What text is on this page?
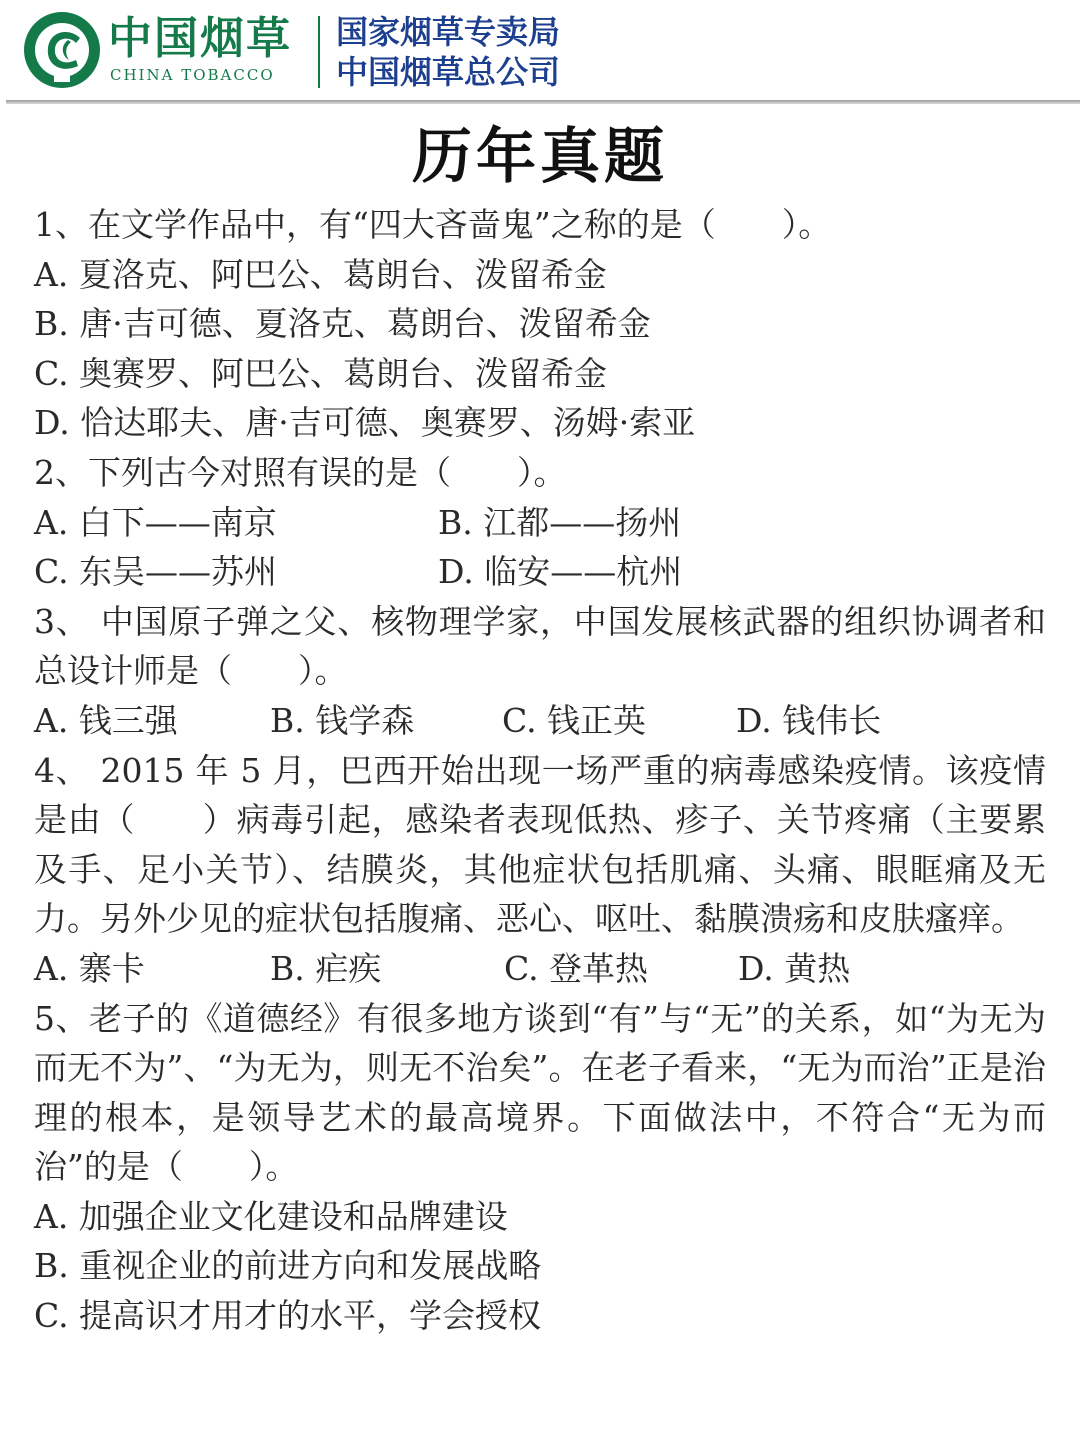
中国烟草
CHINA TOBACCO
国家烟草专卖局
中国烟草总公司
历年真题
1、在文学作品中，有“四大吝啬鬼”之称的是（　　）。
A. 夏洛克、阿巴公、葛朗台、泼留希金
B. 唐·吉可德、夏洛克、葛朗台、泼留希金
C. 奥赛罗、阿巴公、葛朗台、泼留希金
D. 恰达耶夫、唐·吉可德、奥赛罗、汤姆·索亚
2、下列古今对照有误的是（　　）。
A. 白下——南京	B. 江都——扬州
C. 东吴——苏州	D. 临安——杭州

3、 中国原子弹之父、核物理学家，中国发展核武器的组织协调者和总设计师是（　　）。

A. 钱三强	B. 钱学森	C. 钱正英	D. 钱伟长

4、 2015 年 5 月，巴西开始出现一场严重的病毒感染疫情。该疫情是由（　　）病毒引起，感染者表现低热、疹子、关节疼痛（主要累及手、足小关节）、结膜炎，其他症状包括肌痛、头痛、眼眶痛及无力。另外少见的症状包括腹痛、恶心、呕吐、黏膜溃疡和皮肤瘙痒。

A. 寨卡	B. 疟疾	C. 登革热	D. 黄热

5、老子的《道德经》有很多地方谈到“有”与“无”的关系，如“为无为而无不为”、“为无为，则无不治矣”。在老子看来，“无为而治”正是治理的根本，是领导艺术的最高境界。下面做法中，不符合“无为而治”的是（　　）。

A. 加强企业文化建设和品牌建设
B. 重视企业的前进方向和发展战略
C. 提高识才用才的水平，学会授权
